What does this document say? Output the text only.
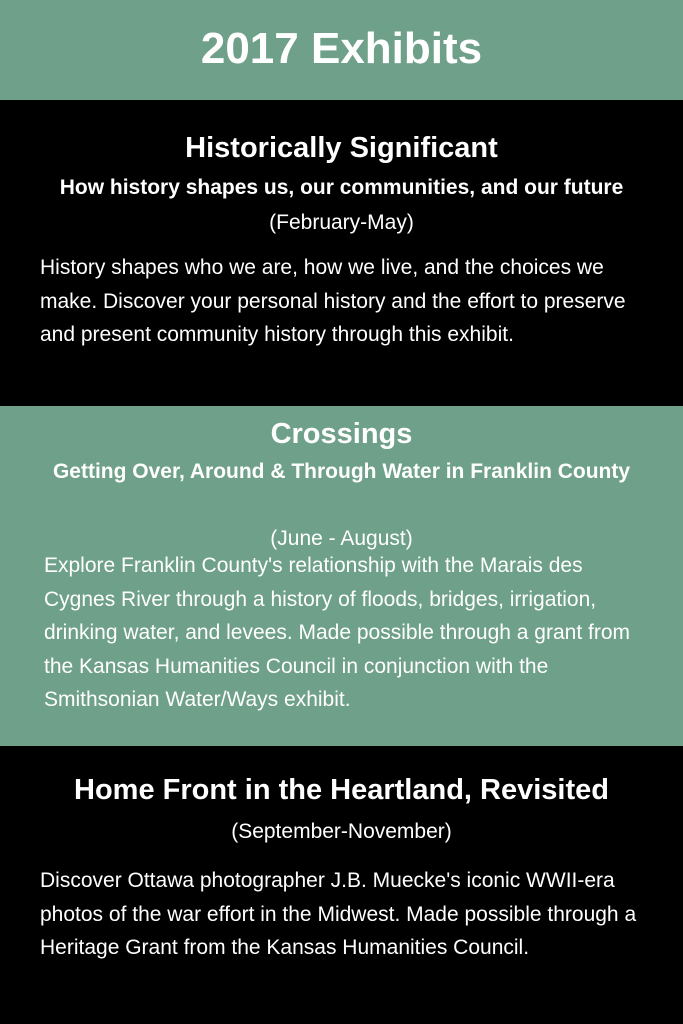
2017 Exhibits
Historically Significant
How history shapes us, our communities, and our future
(February-May)
History shapes who we are, how we live, and the choices we make. Discover your personal history and the effort to preserve and present community history through this exhibit.
Crossings
Getting Over, Around & Through Water in Franklin County
(June - August)
Explore Franklin County's relationship with the Marais des Cygnes River through a history of floods, bridges, irrigation, drinking water, and levees. Made possible through a grant from the Kansas Humanities Council in conjunction with the Smithsonian Water/Ways exhibit.
Home Front in the Heartland, Revisited
(September-November)
Discover Ottawa photographer J.B. Muecke's iconic WWII-era photos of the war effort in the Midwest. Made possible through a Heritage Grant from the Kansas Humanities Council.
